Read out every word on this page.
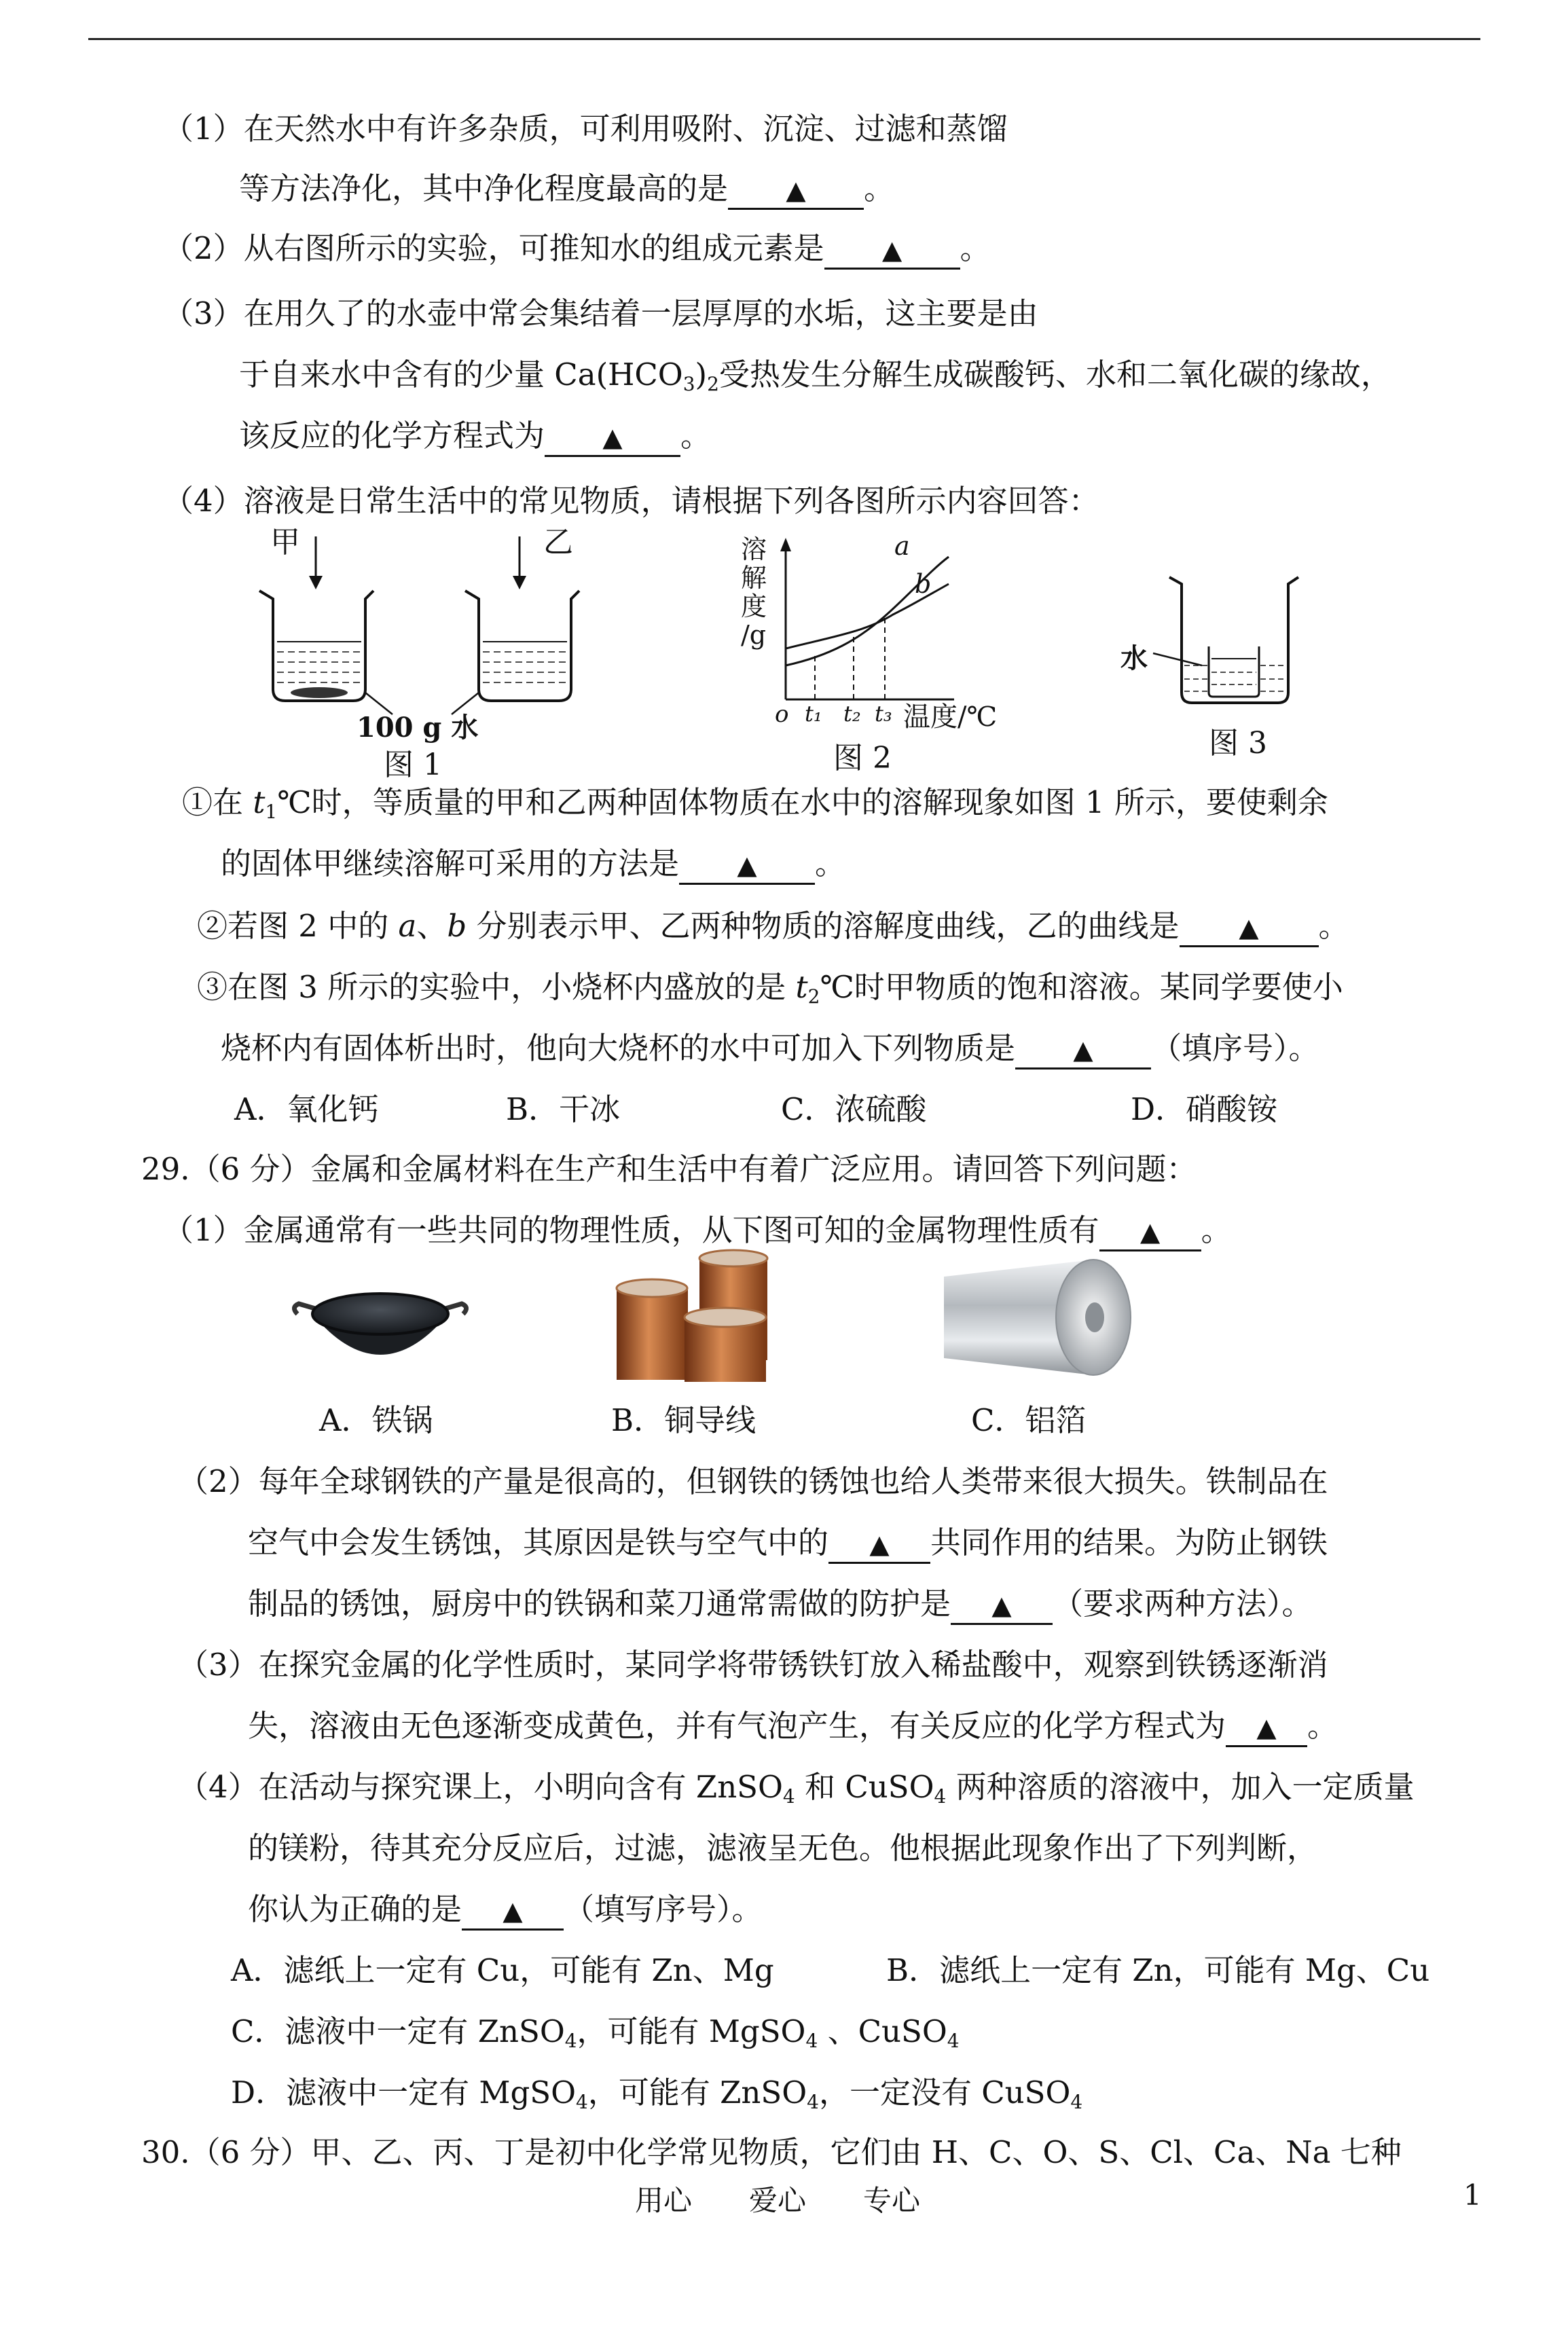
（1）在天然水中有许多杂质，可利用吸附、沉淀、过滤和蒸馏
等方法净化，其中净化程度最高的是 ▲ 。
（2）从右图所示的实验，可推知水的组成元素是 ▲ 。
（3）在用久了的水壶中常会集结着一层厚厚的水垢，这主要是由
于自来水中含有的少量 $Ca(HCO_3)_2$受热发生分解生成碳酸钙、水和二氧化碳的缘故，
该反应的化学方程式为 ▲ 。
（4）溶液是日常生活中的常见物质，请根据下列各图所示内容回答：
甲	乙
100 g 水
图 1
溶
解
度
/g
a
b
o t₁ t₂ t₃ 温度/℃
图 2
水
图 3
①在 $t_1℃$时，等质量的甲和乙两种固体物质在水中的溶解现象如图 1 所示，要使剩余
的固体甲继续溶解可采用的方法是 ▲ 。
②若图 2 中的 a、b 分别表示甲、乙两种物质的溶解度曲线，乙的曲线是 ▲ 。
③在图 3 所示的实验中，小烧杯内盛放的是 $t_2℃$时甲物质的饱和溶液。某同学要使小
烧杯内有固体析出时，他向大烧杯的水中可加入下列物质是 ▲ （填序号）。
A．氧化钙	B．干冰	C．浓硫酸	D．硝酸铵
29.（6 分）金属和金属材料在生产和生活中有着广泛应用。请回答下列问题：
（1）金属通常有一些共同的物理性质，从下图可知的金属物理性质有 ▲ 。
A．铁锅	B．铜导线	C．铝箔
（2）每年全球钢铁的产量是很高的，但钢铁的锈蚀也给人类带来很大损失。铁制品在
空气中会发生锈蚀，其原因是铁与空气中的 ▲ 共同作用的结果。为防止钢铁
制品的锈蚀，厨房中的铁锅和菜刀通常需做的防护是 ▲ （要求两种方法）。
（3）在探究金属的化学性质时，某同学将带锈铁钉放入稀盐酸中，观察到铁锈逐渐消
失，溶液由无色逐渐变成黄色，并有气泡产生，有关反应的化学方程式为 ▲ 。
（4）在活动与探究课上，小明向含有 ZnSO$_4$ 和 CuSO$_4$ 两种溶质的溶液中，加入一定质量
的镁粉，待其充分反应后，过滤，滤液呈无色。他根据此现象作出了下列判断，
你认为正确的是 ▲ （填写序号）。
A．滤纸上一定有 Cu，可能有 Zn、Mg	B．滤纸上一定有 Zn，可能有 Mg、Cu
C．滤液中一定有 ZnSO$_4$，可能有 MgSO$_4$ 、CuSO$_4$
D．滤液中一定有 MgSO$_4$，可能有 ZnSO$_4$，一定没有 CuSO$_4$
30.（6 分）甲、乙、丙、丁是初中化学常见物质，它们由 H、C、O、S、Cl、Ca、Na 七种
用心　　爱心　　专心	1
